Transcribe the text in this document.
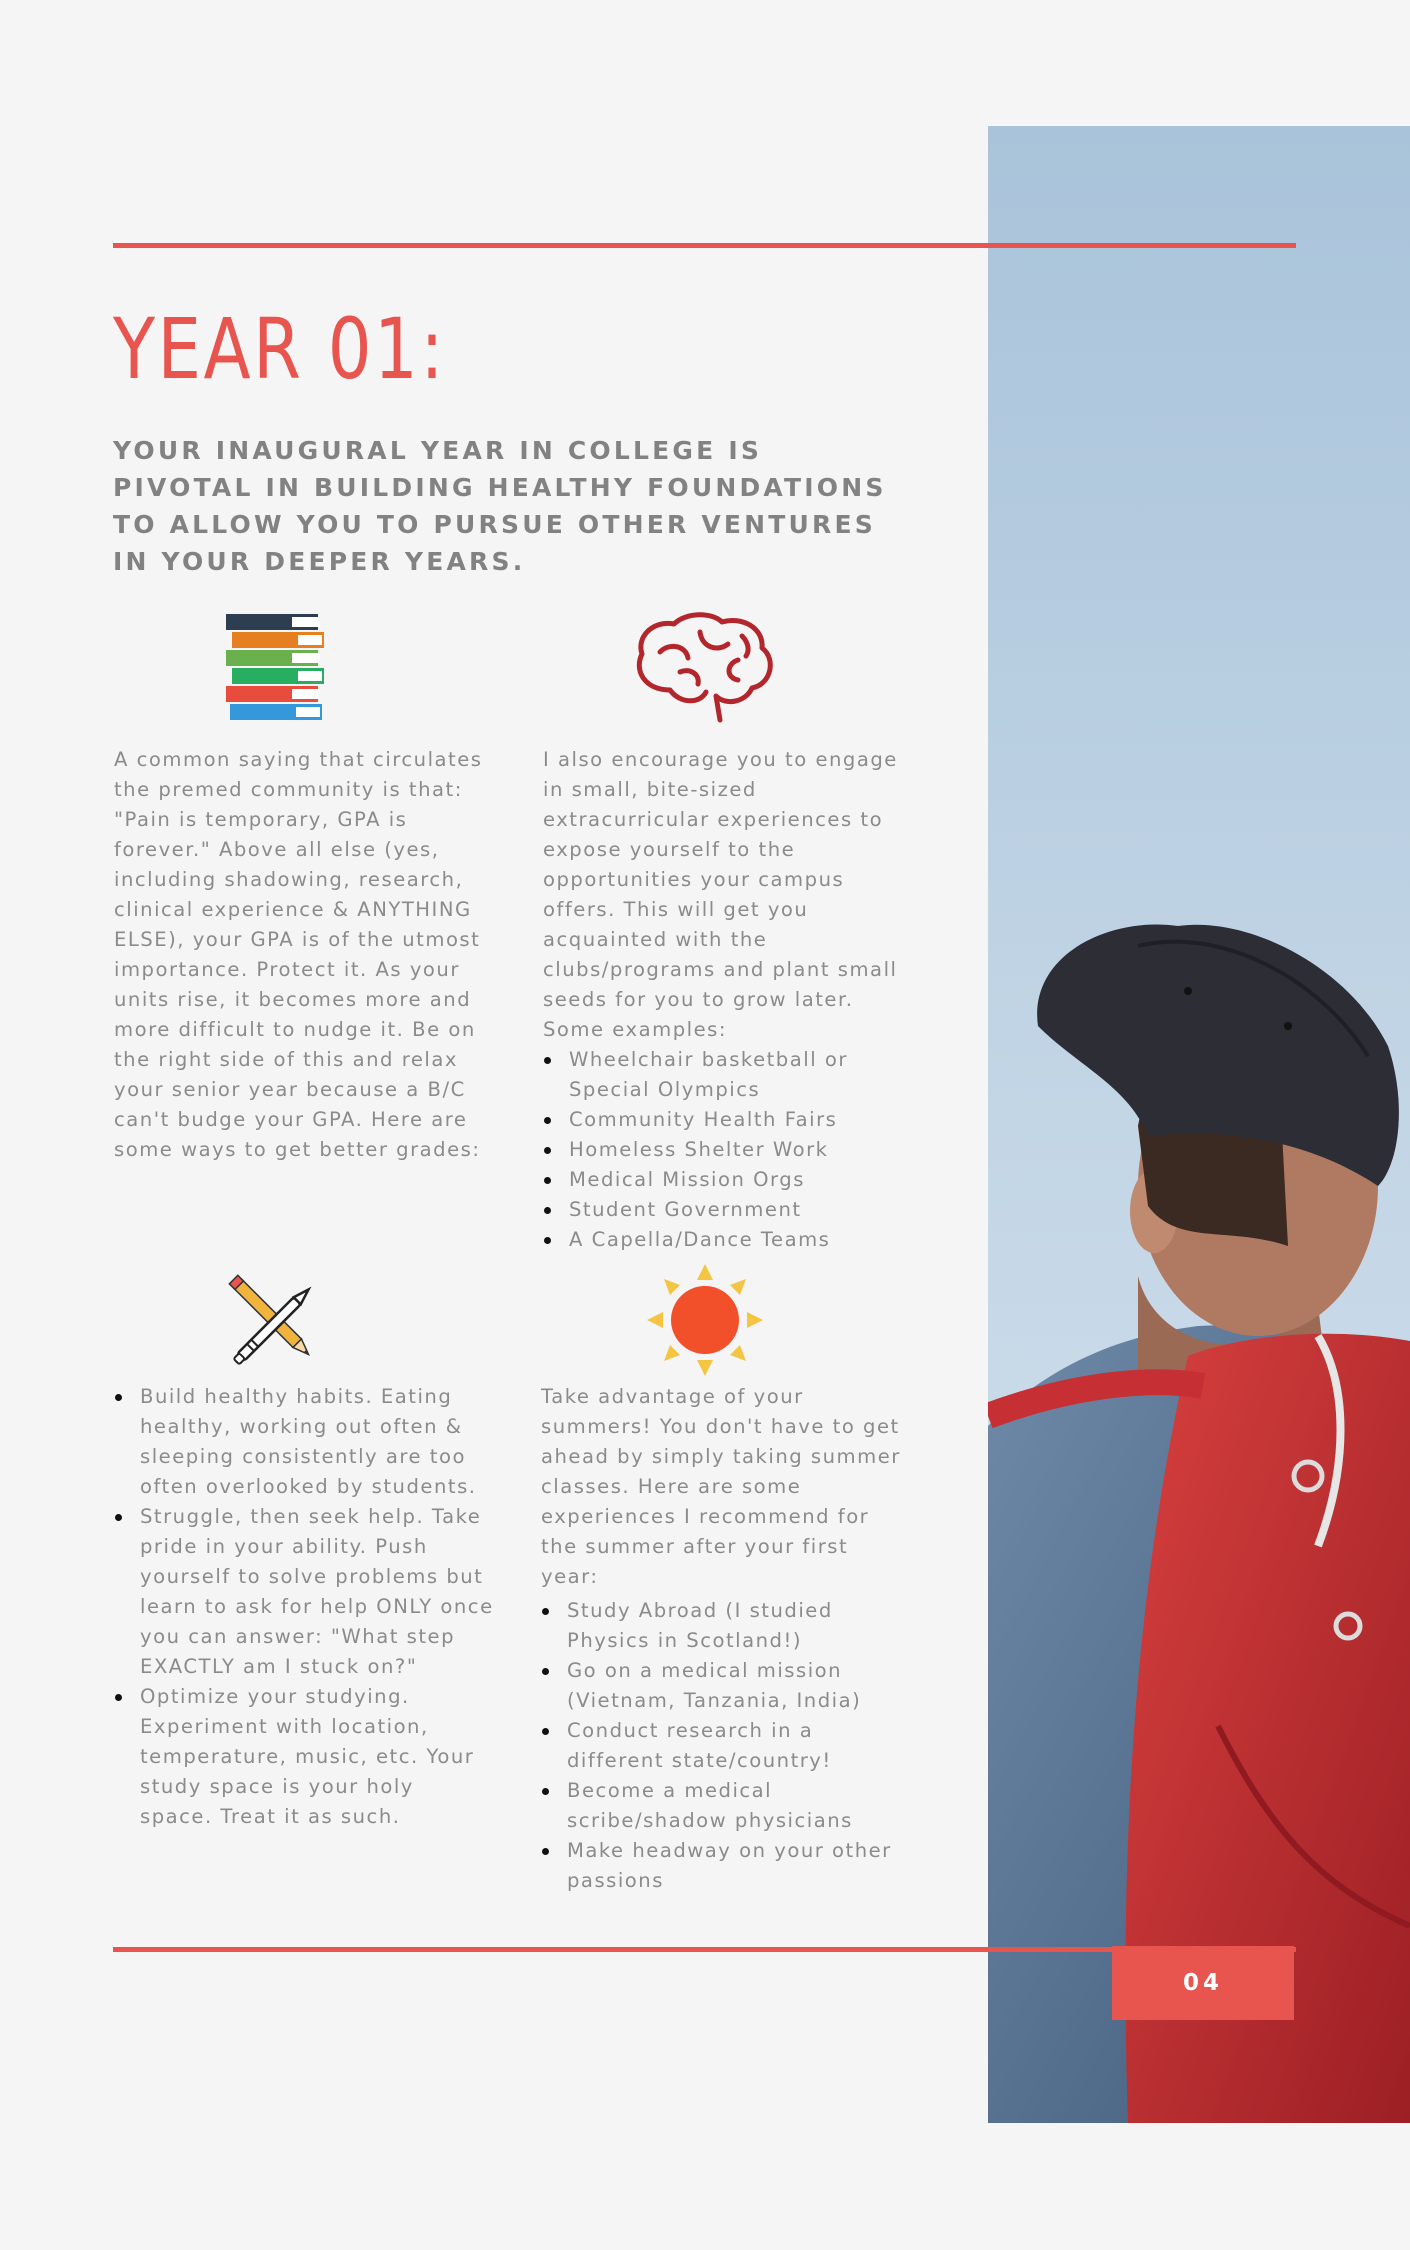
YEAR 01:
YOUR INAUGURAL YEAR IN COLLEGE IS PIVOTAL IN BUILDING HEALTHY FOUNDATIONS TO ALLOW YOU TO PURSUE OTHER VENTURES IN YOUR DEEPER YEARS.

A common saying that circulates the premed community is that: "Pain is temporary, GPA is forever." Above all else (yes, including shadowing, research, clinical experience & ANYTHING ELSE), your GPA is of the utmost importance. Protect it. As your units rise, it becomes more and more difficult to nudge it. Be on the right side of this and relax your senior year because a B/C can't budge your GPA. Here are some ways to get better grades:

I also encourage you to engage in small, bite-sized extracurricular experiences to expose yourself to the opportunities your campus offers. This will get you acquainted with the clubs/programs and plant small seeds for you to grow later. Some examples:

Wheelchair basketball or Special Olympics
Community Health Fairs
Homeless Shelter Work
Medical Mission Orgs
Student Government
A Capella/Dance Teams
Build healthy habits. Eating healthy, working out often & sleeping consistently are too often overlooked by students.
Struggle, then seek help. Take pride in your ability. Push yourself to solve problems but learn to ask for help ONLY once you can answer: "What step EXACTLY am I stuck on?"
Optimize your studying. Experiment with location, temperature, music, etc. Your study space is your holy space. Treat it as such.

Take advantage of your summers! You don't have to get ahead by simply taking summer classes. Here are some experiences I recommend for the summer after your first year:

Study Abroad (I studied Physics in Scotland!)
Go on a medical mission (Vietnam, Tanzania, India)
Conduct research in a different state/country!
Become a medical scribe/shadow physicians
Make headway on your other passions
04
